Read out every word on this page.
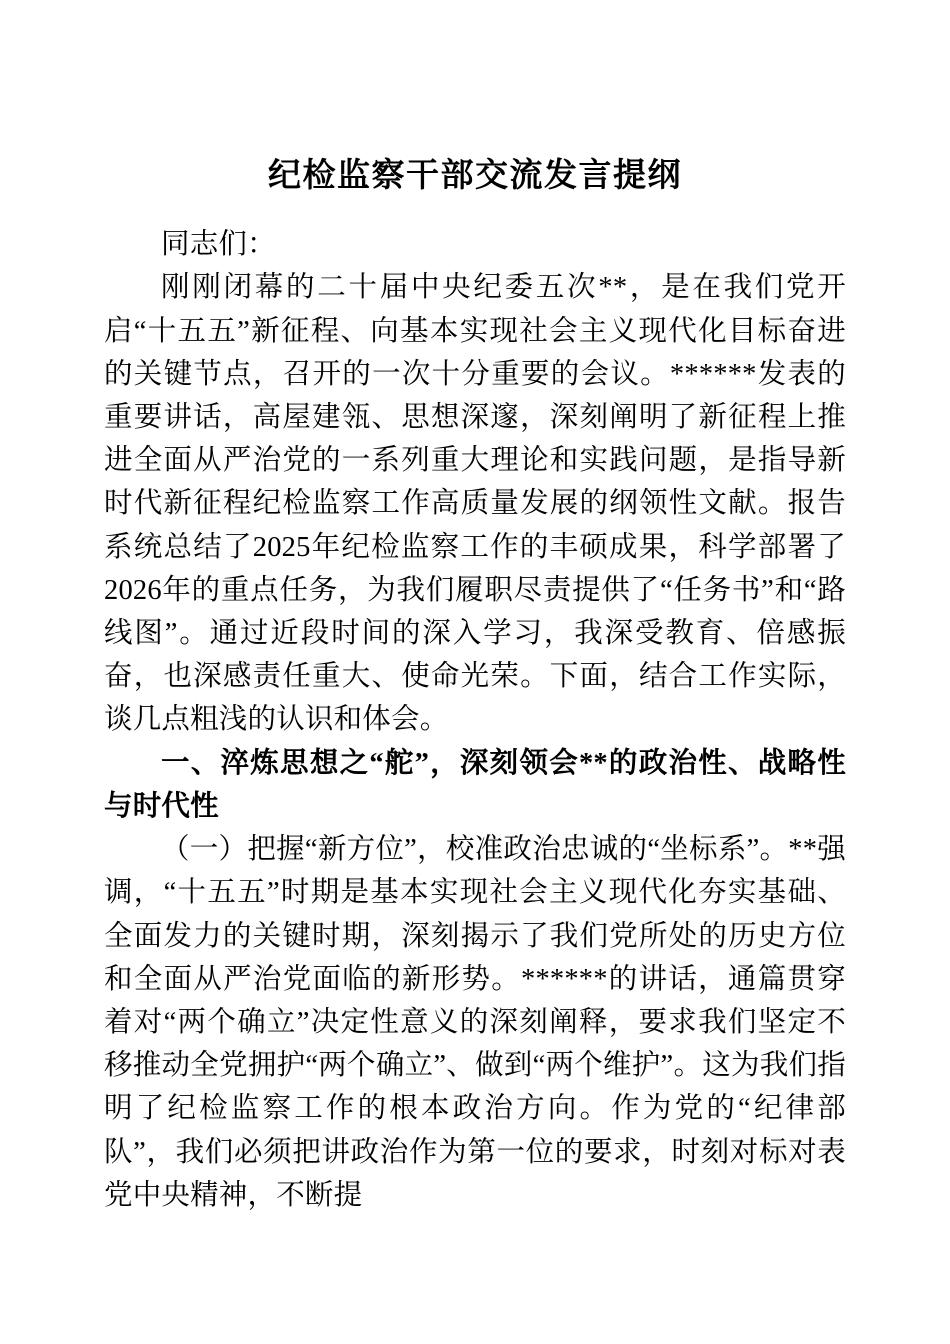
纪检监察干部交流发言提纲

同志们：

刚刚闭幕的二十届中央纪委五次**，是在我们党开启“十五五”新征程、向基本实现社会主义现代化目标奋进的关键节点，召开的一次十分重要的会议。******发表的重要讲话，高屋建瓴、思想深邃，深刻阐明了新征程上推进全面从严治党的一系列重大理论和实践问题，是指导新时代新征程纪检监察工作高质量发展的纲领性文献。报告系统总结了2025年纪检监察工作的丰硕成果，科学部署了2026年的重点任务，为我们履职尽责提供了“任务书”和“路线图”。通过近段时间的深入学习，我深受教育、倍感振奋，也深感责任重大、使命光荣。下面，结合工作实际，谈几点粗浅的认识和体会。

一、淬炼思想之“舵”，深刻领会**的政治性、战略性与时代性

（一）把握“新方位”，校准政治忠诚的“坐标系”。**强调，“十五五”时期是基本实现社会主义现代化夯实基础、全面发力的关键时期，深刻揭示了我们党所处的历史方位和全面从严治党面临的新形势。******的讲话，通篇贯穿着对“两个确立”决定性意义的深刻阐释，要求我们坚定不移推动全党拥护“两个确立”、做到“两个维护”。这为我们指明了纪检监察工作的根本政治方向。作为党的“纪律部队”，我们必须把讲政治作为第一位的要求，时刻对标对表党中央精神，不断提
